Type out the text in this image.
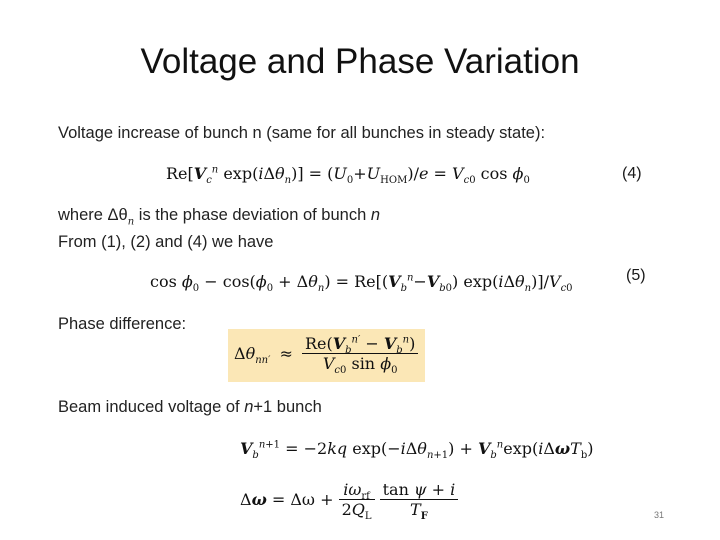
Voltage and Phase Variation
Voltage increase of bunch n (same for all bunches in steady state):
$Re[V_c^n$ $\exp(i\Delta\theta_n)] = (U_0+U_{HOM})/e = V_{c0}$ $\cos \phi_0$	(4)
where $\Delta\theta_n$ is the phase deviation of bunch n
From (1), (2) and (4) we have
$\cos \phi_0 - \cos(\phi_0 + \Delta\theta_n) = Re[(V_b^n-V_{b0})$ $\exp(i\Delta\theta_n)]/V_{c0}$
(5)
Phase difference:
$\Delta\theta_{nn'} \approx \frac{Re(V_b^{n'} - V_b^n)}{V_{c0} \sin \phi_0}$
Beam induced voltage of n+1 bunch
$V_b^{n+1} = -2kq$ $\exp(-i\Delta\theta_{n+1}) + V_b^n\exp(i\Delta\omega T_b)$
$\Delta\omega = \Delta\omega + \frac{i\omega_{rf}}{2Q_L}$
$\frac{\text{tan ψ + i}}{T_F}$	31
